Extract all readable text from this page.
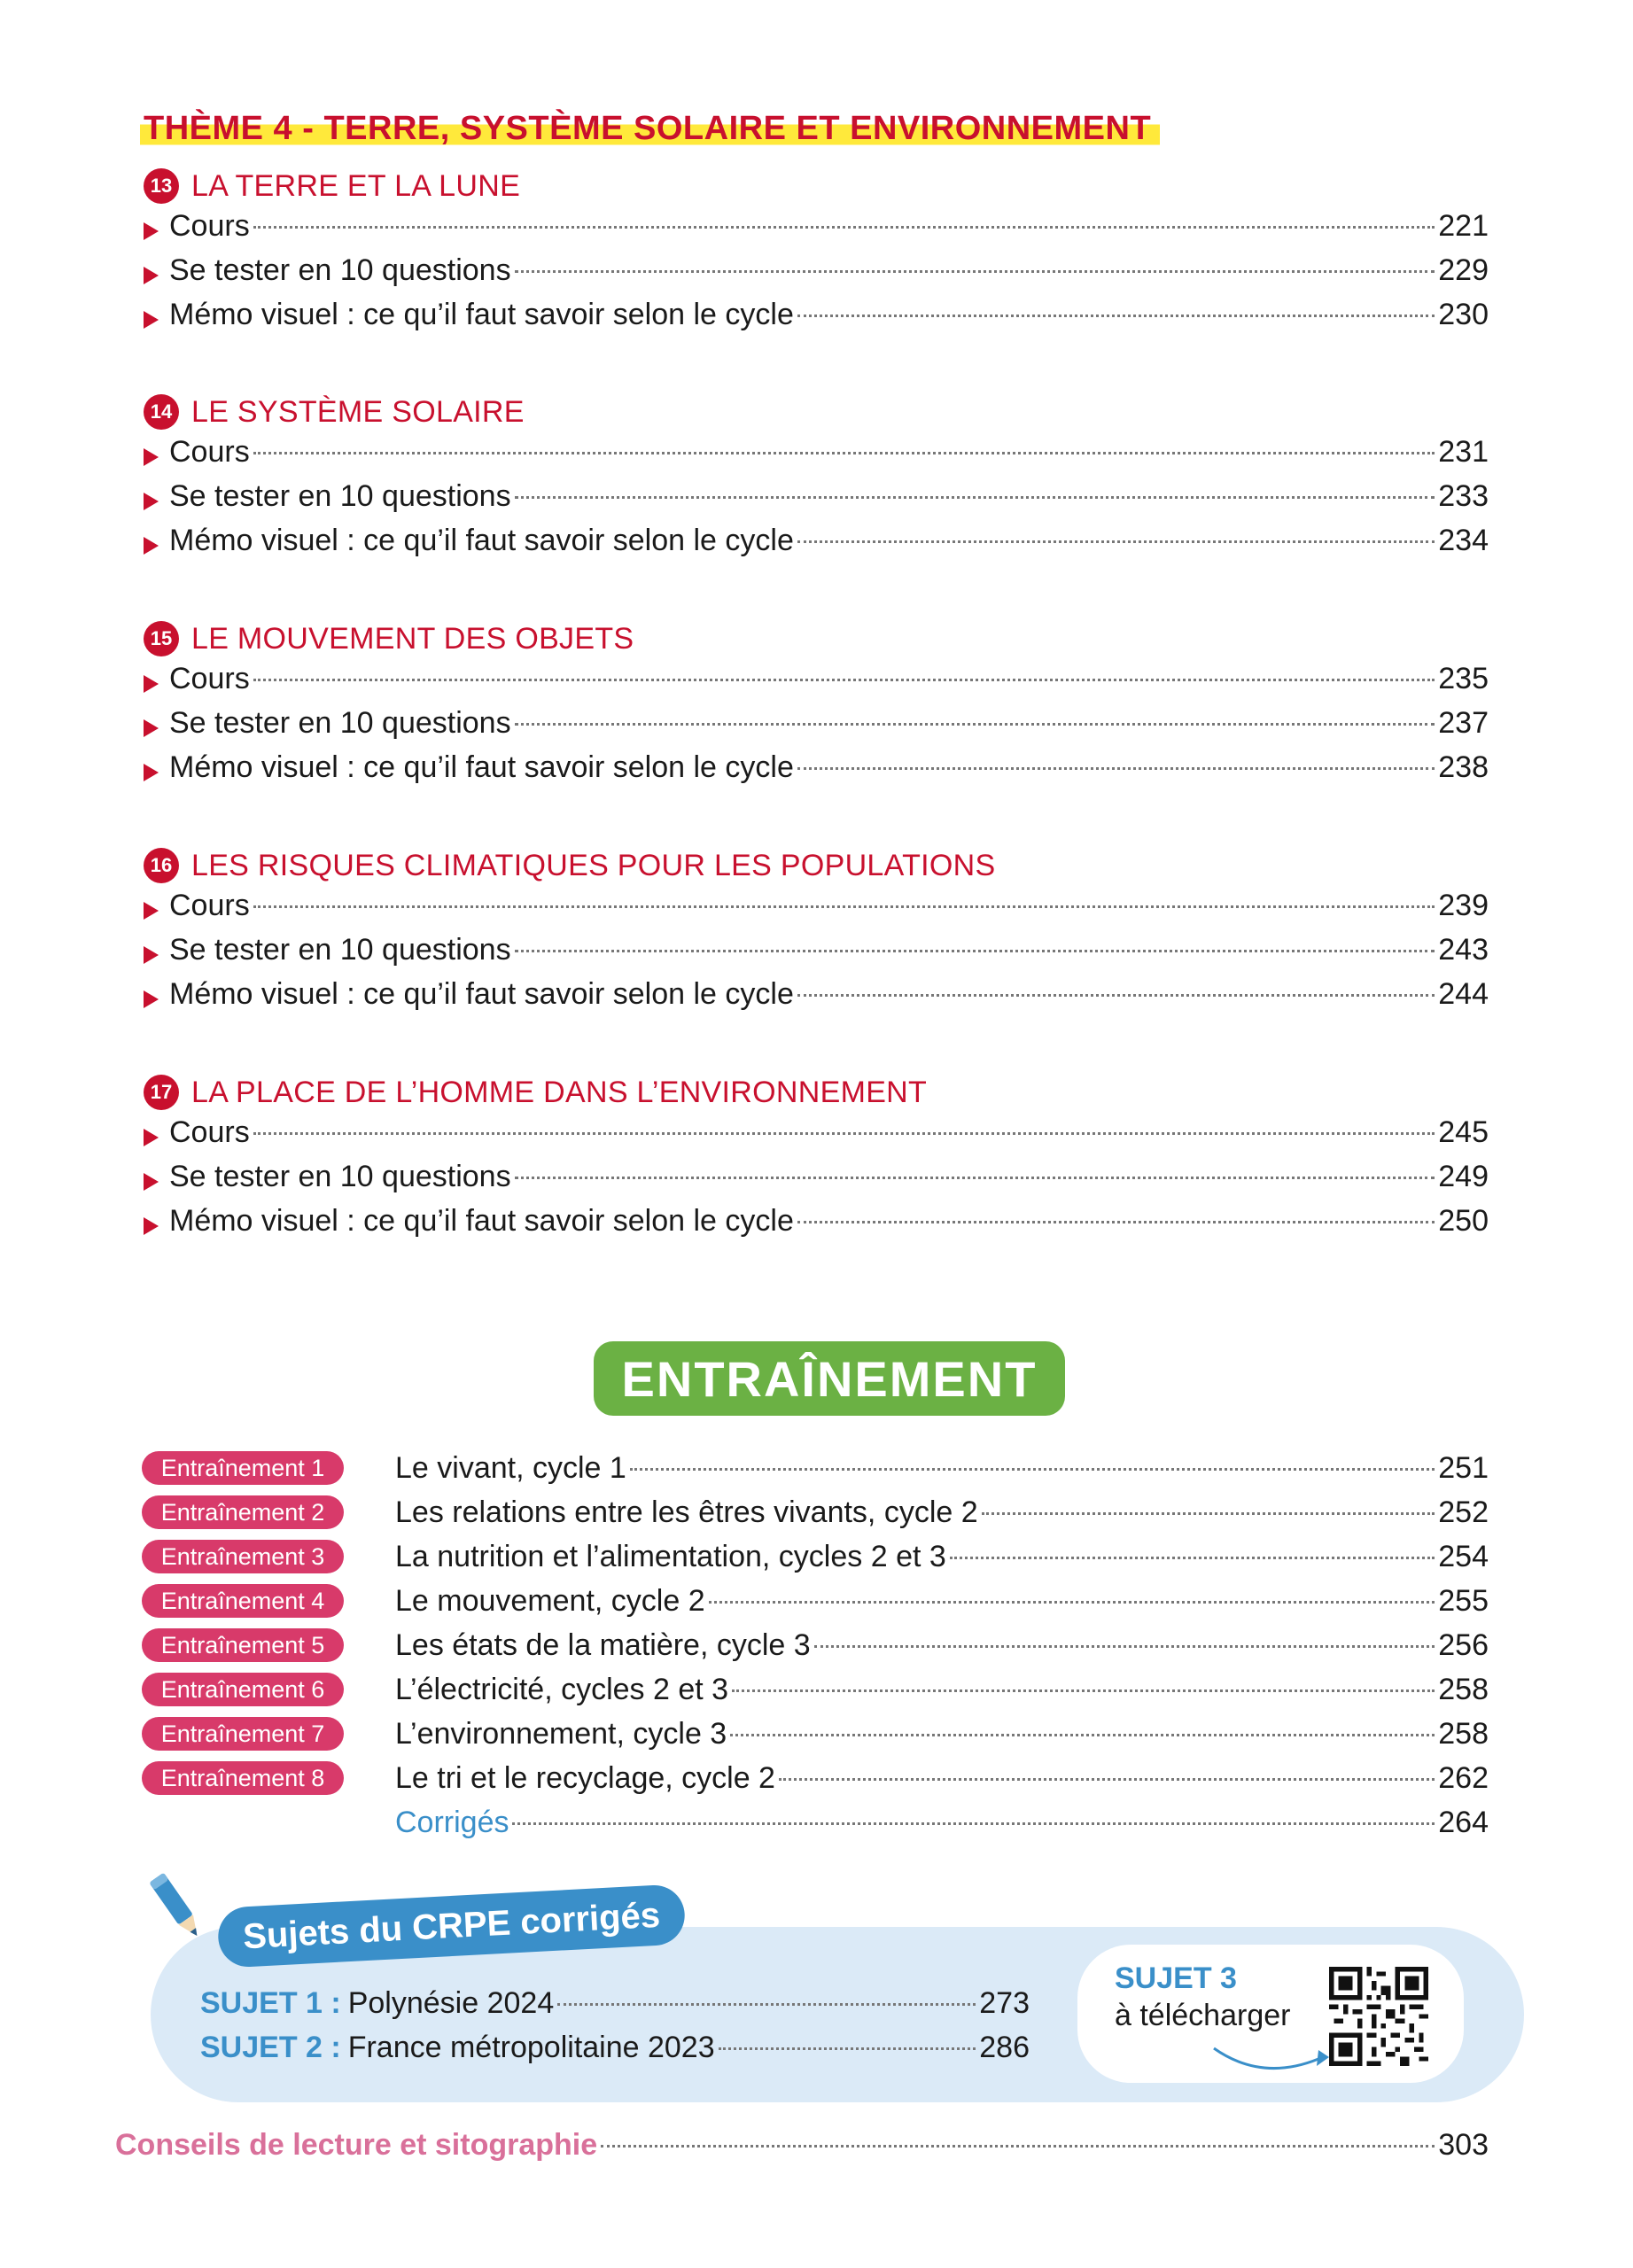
THÈME 4 - TERRE, SYSTÈME SOLAIRE ET ENVIRONNEMENT
13 LA TERRE ET LA LUNE
Cours	221
Se tester en 10 questions	229
Mémo visuel : ce qu’il faut savoir selon le cycle	230
14 LE SYSTÈME SOLAIRE
Cours	231
Se tester en 10 questions	233
Mémo visuel : ce qu’il faut savoir selon le cycle	234
15 LE MOUVEMENT DES OBJETS
Cours	235
Se tester en 10 questions	237
Mémo visuel : ce qu’il faut savoir selon le cycle	238
16 LES RISQUES CLIMATIQUES POUR LES POPULATIONS
Cours	239
Se tester en 10 questions	243
Mémo visuel : ce qu’il faut savoir selon le cycle	244
17 LA PLACE DE L’HOMME DANS L’ENVIRONNEMENT
Cours	245
Se tester en 10 questions	249
Mémo visuel : ce qu’il faut savoir selon le cycle	250
ENTRAÎNEMENT
Entraînement 1	Le vivant, cycle 1	251
Entraînement 2	Les relations entre les êtres vivants, cycle 2	252
Entraînement 3	La nutrition et l’alimentation, cycles 2 et 3	254
Entraînement 4	Le mouvement, cycle 2	255
Entraînement 5	Les états de la matière, cycle 3	256
Entraînement 6	L’électricité, cycles 2 et 3	258
Entraînement 7	L’environnement, cycle 3	258
Entraînement 8	Le tri et le recyclage, cycle 2	262
Corrigés	264
Sujets du CRPE corrigés
SUJET 1 : Polynésie 2024	273
SUJET 2 : France métropolitaine 2023	286
SUJET 3
à télécharger
Conseils de lecture et sitographie	303
